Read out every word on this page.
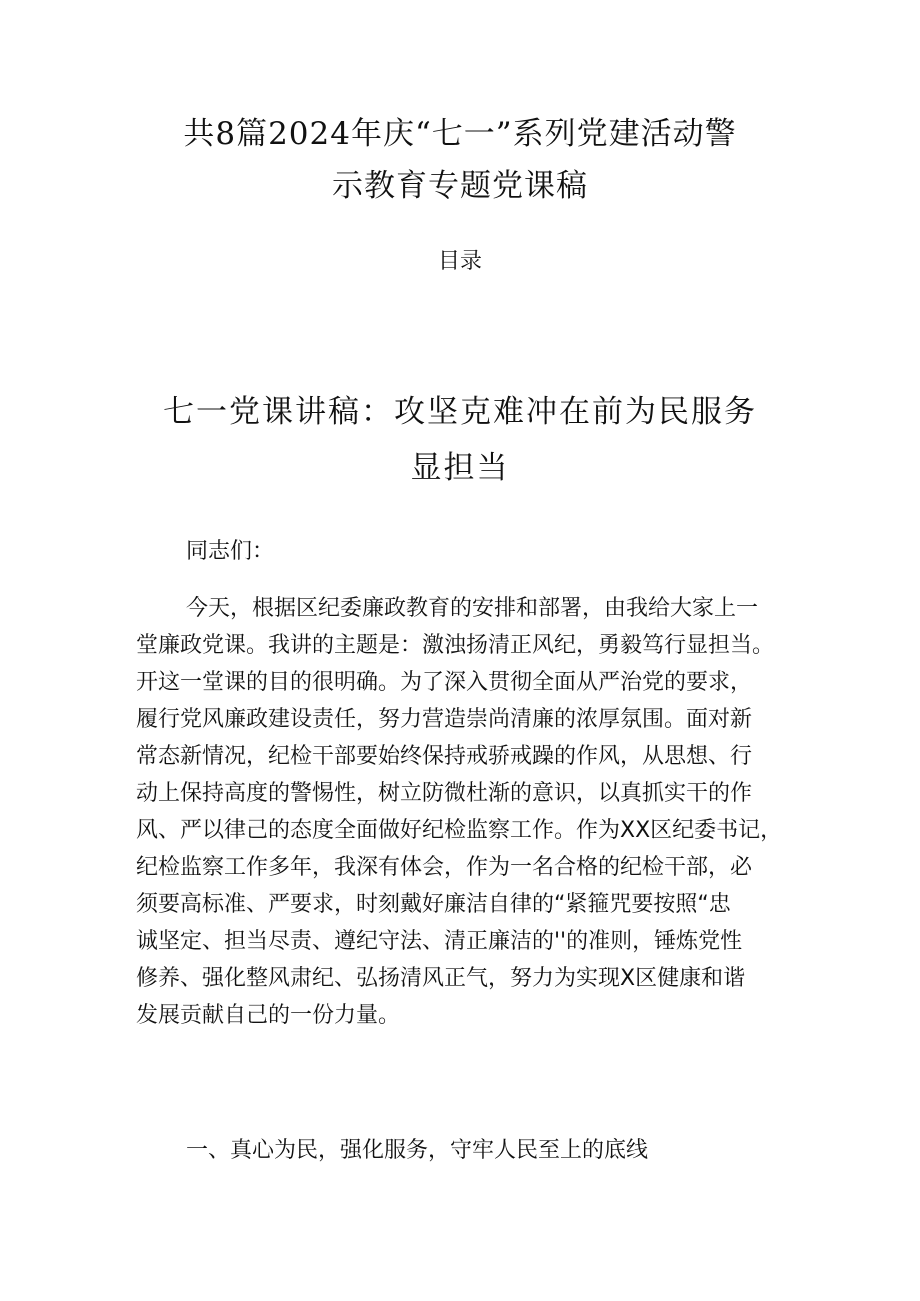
共8篇2024年庆“七一”系列党建活动警
示教育专题党课稿
目录
七一党课讲稿：攻坚克难冲在前为民服务
显担当

同志们：

今天，根据区纪委廉政教育的安排和部署，由我给大家上一
堂廉政党课。我讲的主题是：激浊扬清正风纪，勇毅笃行显担当。
开这一堂课的目的很明确。为了深入贯彻全面从严治党的要求，
履行党风廉政建设责任，努力营造崇尚清廉的浓厚氛围。面对新
常态新情况，纪检干部要始终保持戒骄戒躁的作风，从思想、行
动上保持高度的警惕性，树立防微杜渐的意识，以真抓实干的作
风、严以律己的态度全面做好纪检监察工作。作为XX区纪委书记，
纪检监察工作多年，我深有体会，作为一名合格的纪检干部，必
须要高标准、严要求，时刻戴好廉洁自律的“紧箍咒要按照“忠
诚坚定、担当尽责、遵纪守法、清正廉洁的''的准则，锤炼党性
修养、强化整风肃纪、弘扬清风正气，努力为实现X区健康和谐
发展贡献自己的一份力量。

一、真心为民，强化服务，守牢人民至上的底线
